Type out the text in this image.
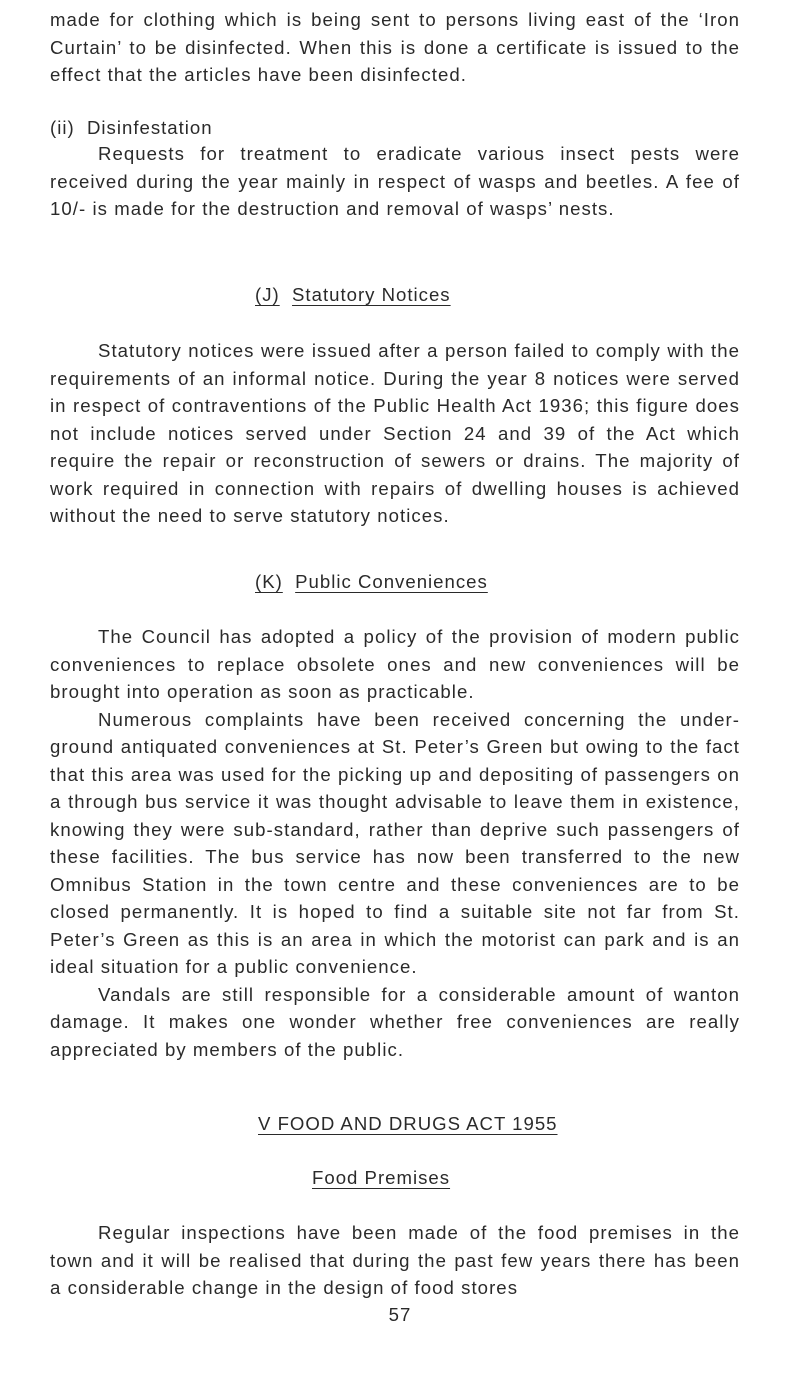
made for clothing which is being sent to persons living east of the ‘Iron Curtain’ to be disinfected. When this is done a certificate is issued to the effect that the articles have been disinfected.

(ii) Disinfestation

Requests for treatment to eradicate various insect pests were received during the year mainly in respect of wasps and beetles. A fee of 10/- is made for the destruction and removal of wasps’ nests.

(J) Statutory Notices

Statutory notices were issued after a person failed to comply with the requirements of an informal notice. During the year 8 notices were served in respect of contraventions of the Public Health Act 1936; this figure does not include notices served under Section 24 and 39 of the Act which require the repair or reconstruction of sewers or drains. The majority of work required in connection with repairs of dwelling houses is achieved without the need to serve statutory notices.

(K) Public Conveniences

The Council has adopted a policy of the provision of modern public conveniences to replace obsolete ones and new conveniences will be brought into operation as soon as practicable.

Numerous complaints have been received concerning the under-ground antiquated conveniences at St. Peter’s Green but owing to the fact that this area was used for the picking up and depositing of passengers on a through bus service it was thought advisable to leave them in existence, knowing they were sub-standard, rather than deprive such passengers of these facilities. The bus service has now been transferred to the new Omnibus Station in the town centre and these conveniences are to be closed permanently. It is hoped to find a suitable site not far from St. Peter’s Green as this is an area in which the motorist can park and is an ideal situation for a public convenience.

Vandals are still responsible for a considerable amount of wanton damage. It makes one wonder whether free conveniences are really appreciated by members of the public.

V FOOD AND DRUGS ACT 1955
Food Premises

Regular inspections have been made of the food premises in the town and it will be realised that during the past few years there has been a considerable change in the design of food stores

57
